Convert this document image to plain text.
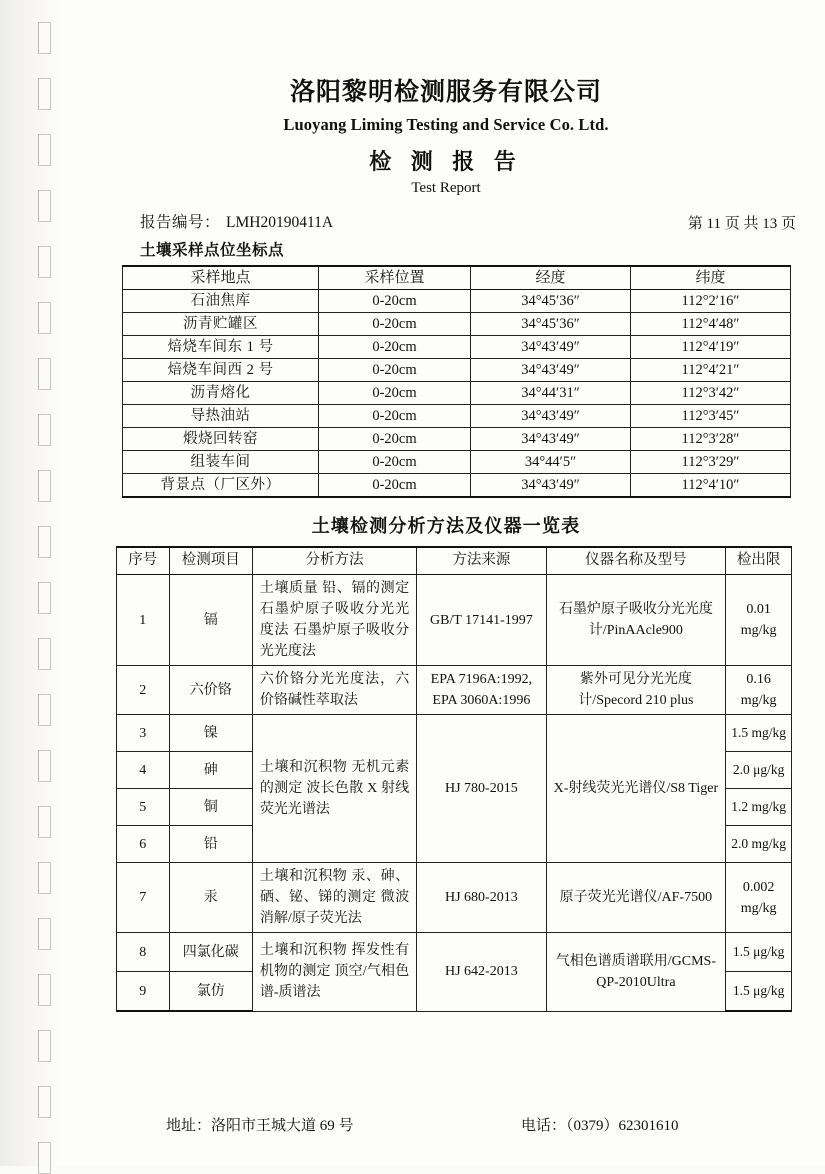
洛阳黎明检测服务有限公司
Luoyang Liming Testing and Service Co. Ltd.
检 测 报 告
Test Report
报告编号： LMH20190411A	第 11 页 共 13 页
土壤采样点位坐标点
采样地点	采样位置	经度	纬度
石油焦库	0-20cm	34°45′36″	112°2′16″
沥青贮罐区	0-20cm	34°45′36″	112°4′48″
焙烧车间东 1 号	0-20cm	34°43′49″	112°4′19″
焙烧车间西 2 号	0-20cm	34°43′49″	112°4′21″
沥青熔化	0-20cm	34°44′31″	112°3′42″
导热油站	0-20cm	34°43′49″	112°3′45″
煅烧回转窑	0-20cm	34°43′49″	112°3′28″
组装车间	0-20cm	34°44′5″	112°3′29″
背景点（厂区外）	0-20cm	34°43′49″	112°4′10″
土壤检测分析方法及仪器一览表
序号	检测项目	分析方法	方法来源	仪器名称及型号	检出限
1	镉	土壤质量 铅、镉的测定 石墨炉原子吸收分光光度法 石墨炉原子吸收分光光度法	GB/T 17141-1997	石墨炉原子吸收分光光度计/PinAAcle900	0.01 mg/kg
2	六价铬	六价铬分光光度法，六价铬碱性萃取法	EPA 7196A:1992, EPA 3060A:1996	紫外可见分光光度计/Specord 210 plus	0.16 mg/kg
3	镍	土壤和沉积物 无机元素的测定 波长色散 X 射线荧光光谱法	HJ 780-2015	X-射线荧光光谱仪/S8 Tiger	1.5 mg/kg
4	砷				2.0 μg/kg
5	铜				1.2 mg/kg
6	铅				2.0 mg/kg
7	汞	土壤和沉积物 汞、砷、硒、铋、锑的测定 微波消解/原子荧光法	HJ 680-2013	原子荧光光谱仪/AF-7500	0.002 mg/kg
8	四氯化碳	土壤和沉积物 挥发性有机物的测定 顶空/气相色谱-质谱法	HJ 642-2013	气相色谱质谱联用/GCMS-QP-2010Ultra	1.5 μg/kg
9	氯仿				1.5 μg/kg
地址：洛阳市王城大道 69 号	电话：（0379）62301610
